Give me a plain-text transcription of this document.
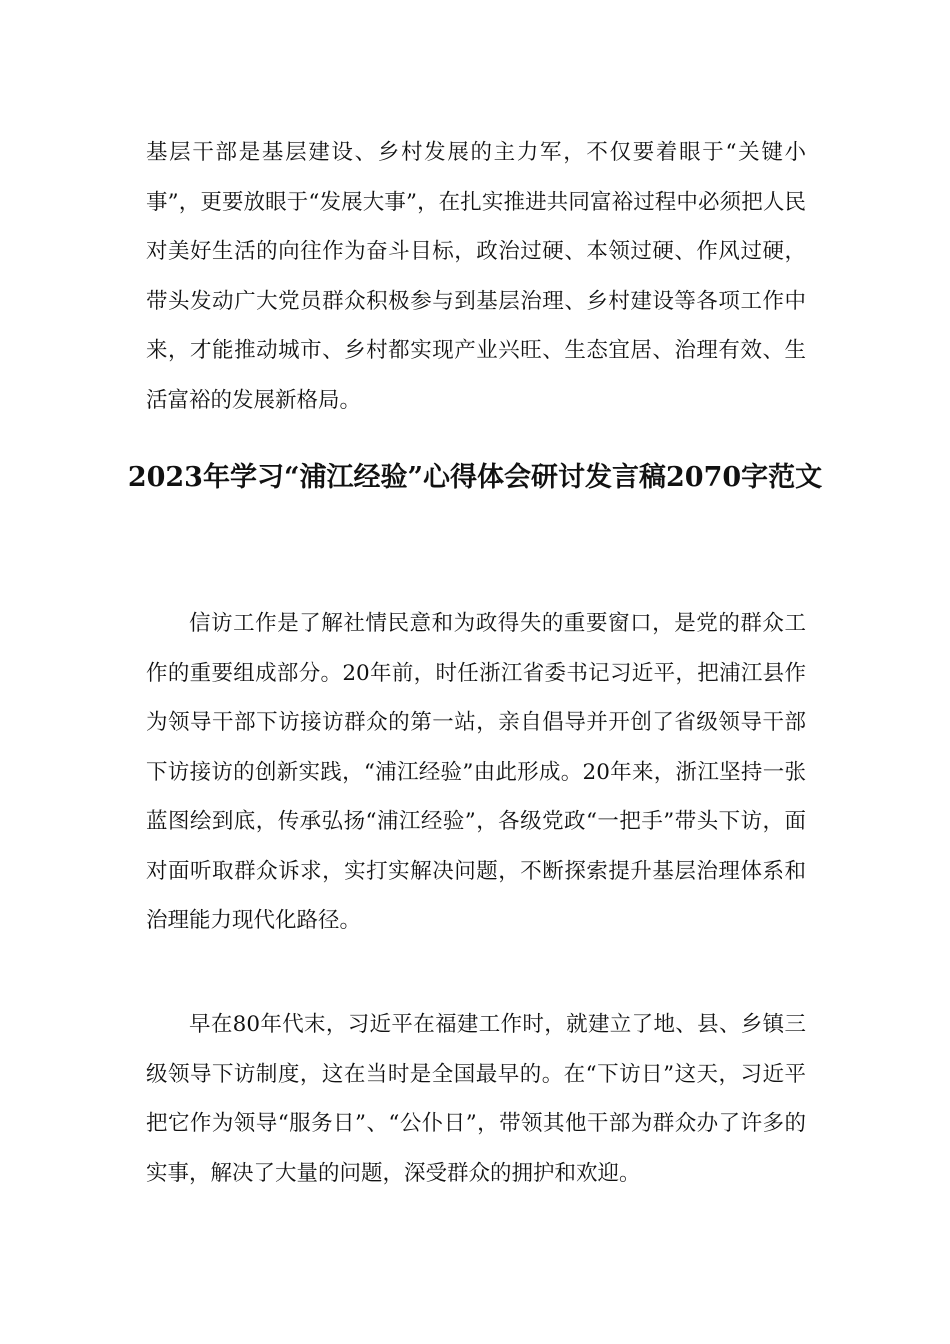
基层干部是基层建设、乡村发展的主力军，不仅要着眼于“关键小事”，更要放眼于“发展大事”，在扎实推进共同富裕过程中必须把人民对美好生活的向往作为奋斗目标，政治过硬、本领过硬、作风过硬，带头发动广大党员群众积极参与到基层治理、乡村建设等各项工作中来，才能推动城市、乡村都实现产业兴旺、生态宜居、治理有效、生活富裕的发展新格局。

2023年学习“浦江经验”心得体会研讨发言稿2070字范文

信访工作是了解社情民意和为政得失的重要窗口，是党的群众工作的重要组成部分。20年前，时任浙江省委书记习近平，把浦江县作为领导干部下访接访群众的第一站，亲自倡导并开创了省级领导干部下访接访的创新实践，“浦江经验”由此形成。20年来，浙江坚持一张蓝图绘到底，传承弘扬“浦江经验”，各级党政“一把手”带头下访，面对面听取群众诉求，实打实解决问题，不断探索提升基层治理体系和治理能力现代化路径。

早在80年代末，习近平在福建工作时，就建立了地、县、乡镇三级领导下访制度，这在当时是全国最早的。在“下访日”这天，习近平把它作为领导“服务日”、“公仆日”，带领其他干部为群众办了许多的实事，解决了大量的问题，深受群众的拥护和欢迎。
